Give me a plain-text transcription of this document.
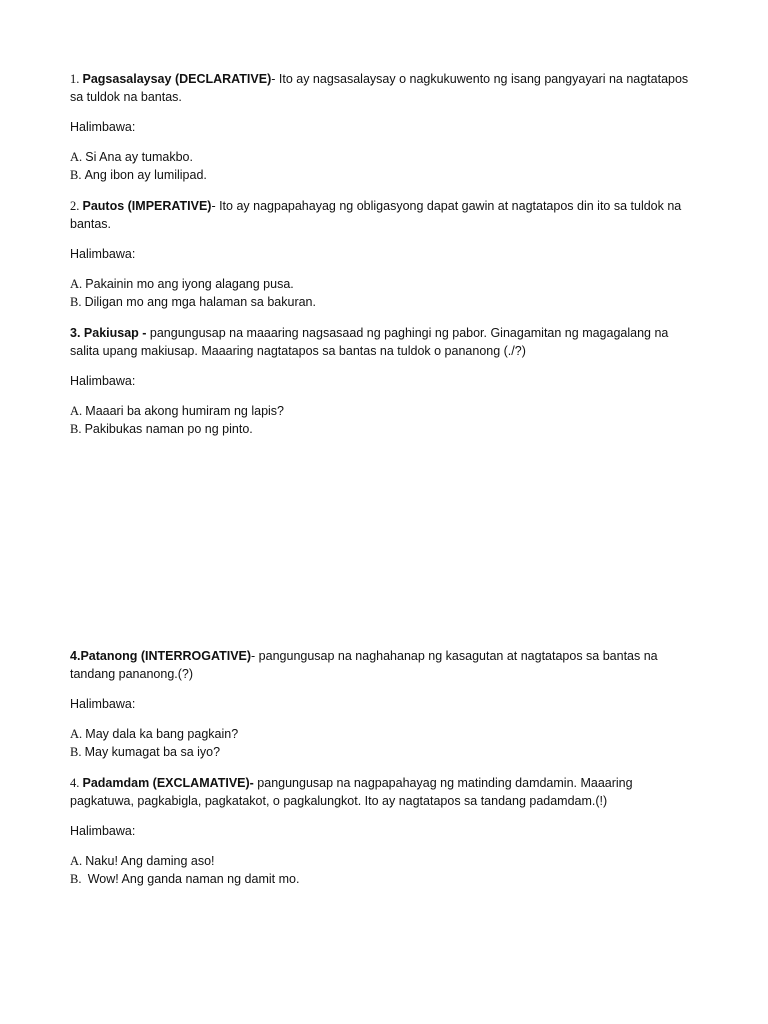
1. Pagsasalaysay (DECLARATIVE)- Ito ay nagsasalaysay o nagkukuwento ng isang pangyayari na nagtatapos sa tuldok na bantas.

Halimbawa:

A. Si Ana ay tumakbo.

B. Ang ibon ay lumilipad.

2. Pautos (IMPERATIVE)- Ito ay nagpapahayag ng obligasyong dapat gawin at nagtatapos din ito sa tuldok na bantas.

Halimbawa:

A. Pakainin mo ang iyong alagang pusa.

B. Diligan mo ang mga halaman sa bakuran.

3. Pakiusap - pangungusap na maaaring nagsasaad ng paghingi ng pabor. Ginagamitan ng magagalang na salita upang makiusap. Maaaring nagtatapos sa bantas na tuldok o pananong (./?)

Halimbawa:

A. Maaari ba akong humiram ng lapis?

B. Pakibukas naman po ng pinto.

4.Patanong (INTERROGATIVE)- pangungusap na naghahanap ng kasagutan at nagtatapos sa bantas na tandang pananong.(?)

Halimbawa:

A. May dala ka bang pagkain?

B. May kumagat ba sa iyo?

4. Padamdam (EXCLAMATIVE)- pangungusap na nagpapahayag ng matinding damdamin. Maaaring pagkatuwa, pagkabigla, pagkatakot, o pagkalungkot. Ito ay nagtatapos sa tandang padamdam.(!)

Halimbawa:

A. Naku! Ang daming aso!

B.  Wow! Ang ganda naman ng damit mo.
